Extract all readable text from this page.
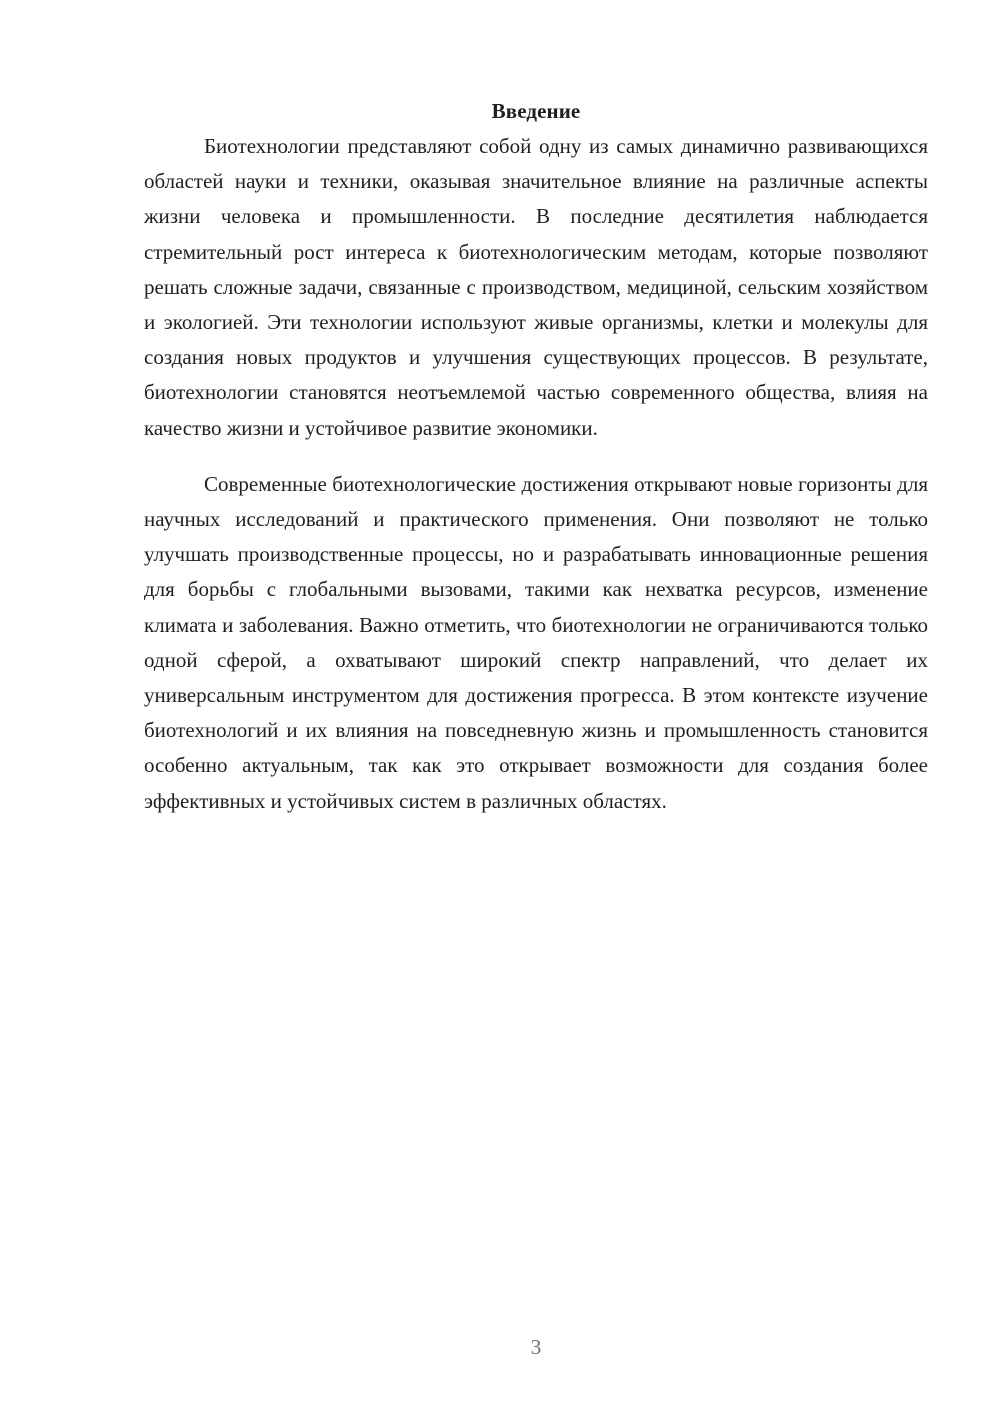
Введение

Биотехнологии представляют собой одну из самых динамично развивающихся областей науки и техники, оказывая значительное влияние на различные аспекты жизни человека и промышленности. В последние десятилетия наблюдается стремительный рост интереса к биотехнологическим методам, которые позволяют решать сложные задачи, связанные с производством, медициной, сельским хозяйством и экологией. Эти технологии используют живые организмы, клетки и молекулы для создания новых продуктов и улучшения существующих процессов. В результате, биотехнологии становятся неотъемлемой частью современного общества, влияя на качество жизни и устойчивое развитие экономики.

Современные биотехнологические достижения открывают новые горизонты для научных исследований и практического применения. Они позволяют не только улучшать производственные процессы, но и разрабатывать инновационные решения для борьбы с глобальными вызовами, такими как нехватка ресурсов, изменение климата и заболевания. Важно отметить, что биотехнологии не ограничиваются только одной сферой, а охватывают широкий спектр направлений, что делает их универсальным инструментом для достижения прогресса. В этом контексте изучение биотехнологий и их влияния на повседневную жизнь и промышленность становится особенно актуальным, так как это открывает возможности для создания более эффективных и устойчивых систем в различных областях.

3
